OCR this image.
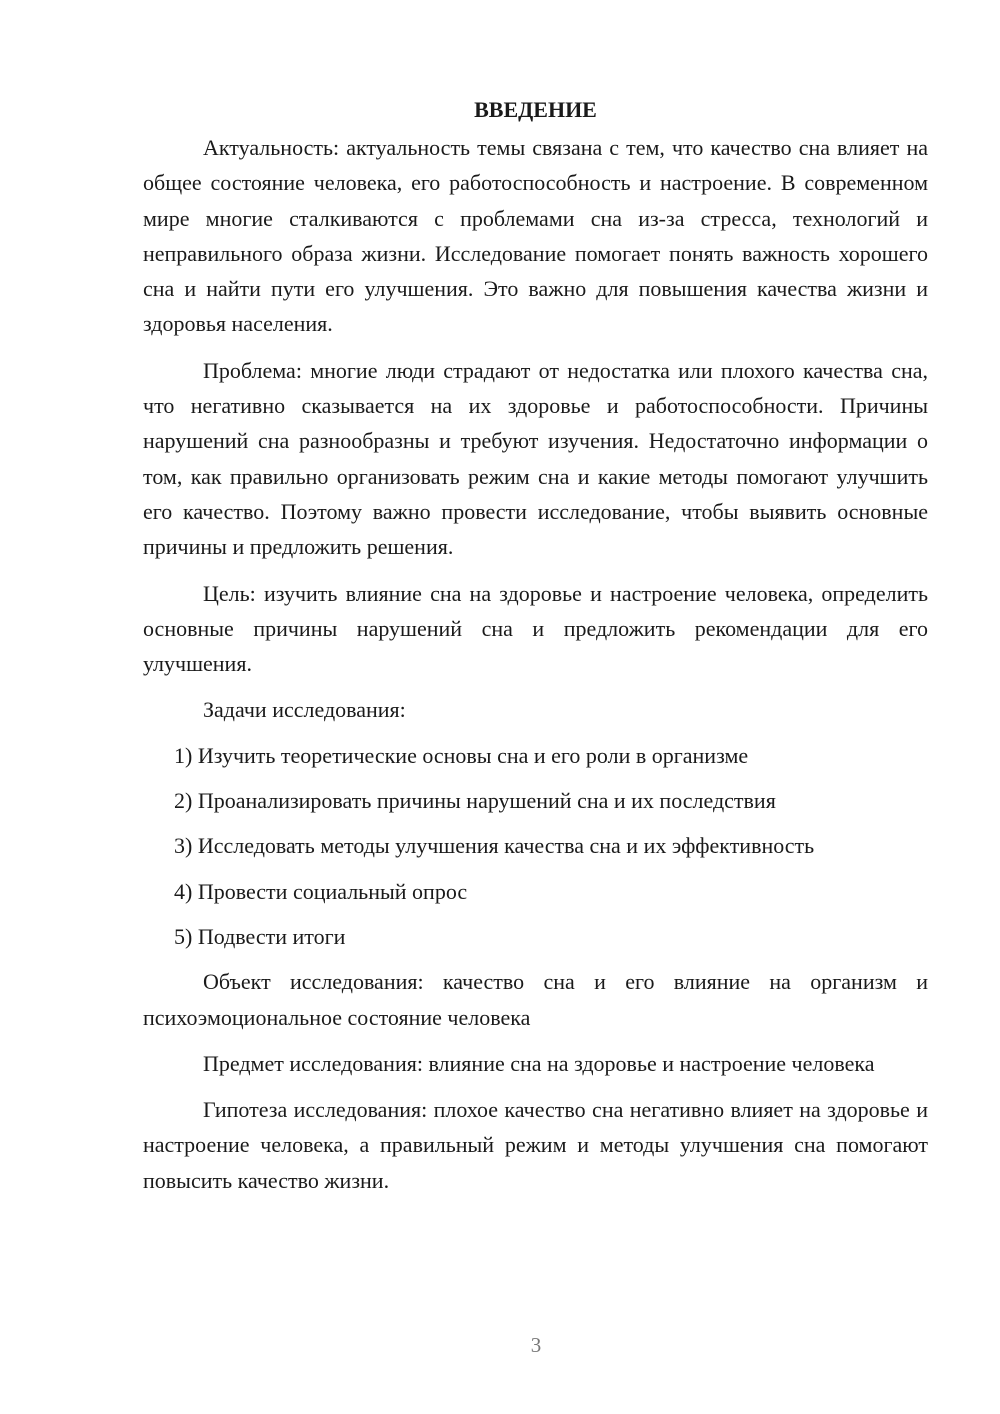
ВВЕДЕНИЕ

Актуальность: актуальность темы связана с тем, что качество сна влияет на общее состояние человека, его работоспособность и настроение. В современном мире многие сталкиваются с проблемами сна из-за стресса, технологий и неправильного образа жизни. Исследование помогает понять важность хорошего сна и найти пути его улучшения. Это важно для повышения качества жизни и здоровья населения.

Проблема: многие люди страдают от недостатка или плохого качества сна, что негативно сказывается на их здоровье и работоспособности. Причины нарушений сна разнообразны и требуют изучения. Недостаточно информации о том, как правильно организовать режим сна и какие методы помогают улучшить его качество. Поэтому важно провести исследование, чтобы выявить основные причины и предложить решения.

Цель: изучить влияние сна на здоровье и настроение человека, определить основные причины нарушений сна и предложить рекомендации для его улучшения.

Задачи исследования:

1) Изучить теоретические основы сна и его роли в организме
2) Проанализировать причины нарушений сна и их последствия
3) Исследовать методы улучшения качества сна и их эффективность
4) Провести социальный опрос
5) Подвести итоги

Объект исследования: качество сна и его влияние на организм и психоэмоциональное состояние человека

Предмет исследования: влияние сна на здоровье и настроение человека

Гипотеза исследования: плохое качество сна негативно влияет на здоровье и настроение человека, а правильный режим и методы улучшения сна помогают повысить качество жизни.

3
